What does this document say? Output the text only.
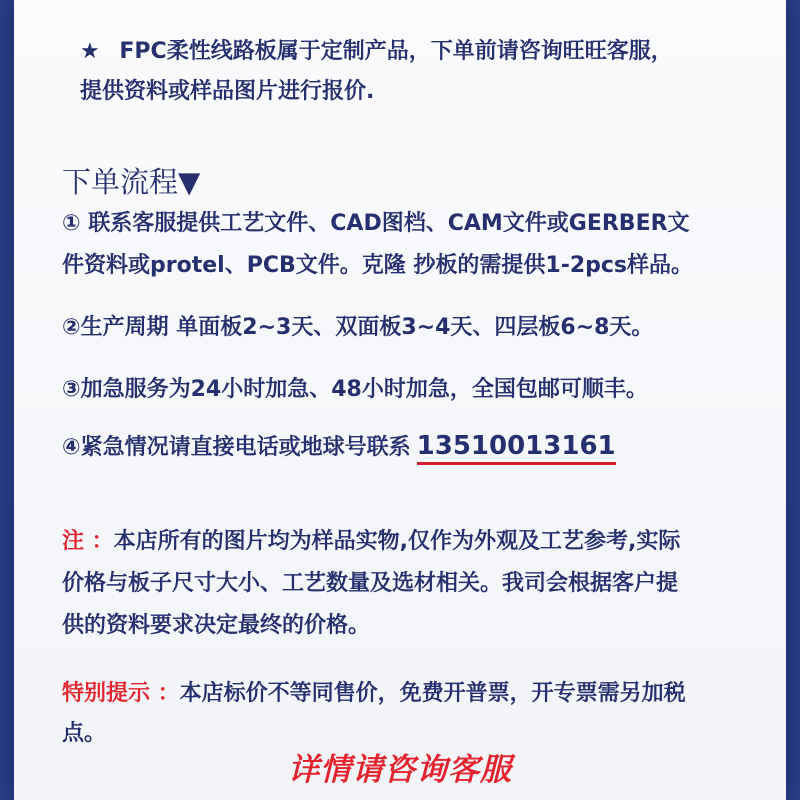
★ FPC柔性线路板属于定制产品，下单前请咨询旺旺客服，
提供资料或样品图片进行报价.
下单流程▼
① 联系客服提供工艺文件、CAD图档、CAM文件或GERBER文
件资料或protel、PCB文件。克隆 抄板的需提供1-2pcs样品。
②生产周期 单面板2~3天、双面板3~4天、四层板6~8天。
③加急服务为24小时加急、48小时加急，全国包邮可顺丰。
④紧急情况请直接电话或地球号联系 13510013161
注 ：本店所有的图片均为样品实物,仅作为外观及工艺参考,实际
价格与板子尺寸大小、工艺数量及选材相关。我司会根据客户提
供的资料要求决定最终的价格。
特别提示 ：本店标价不等同售价，免费开普票，开专票需另加税
点。
详情请咨询客服
